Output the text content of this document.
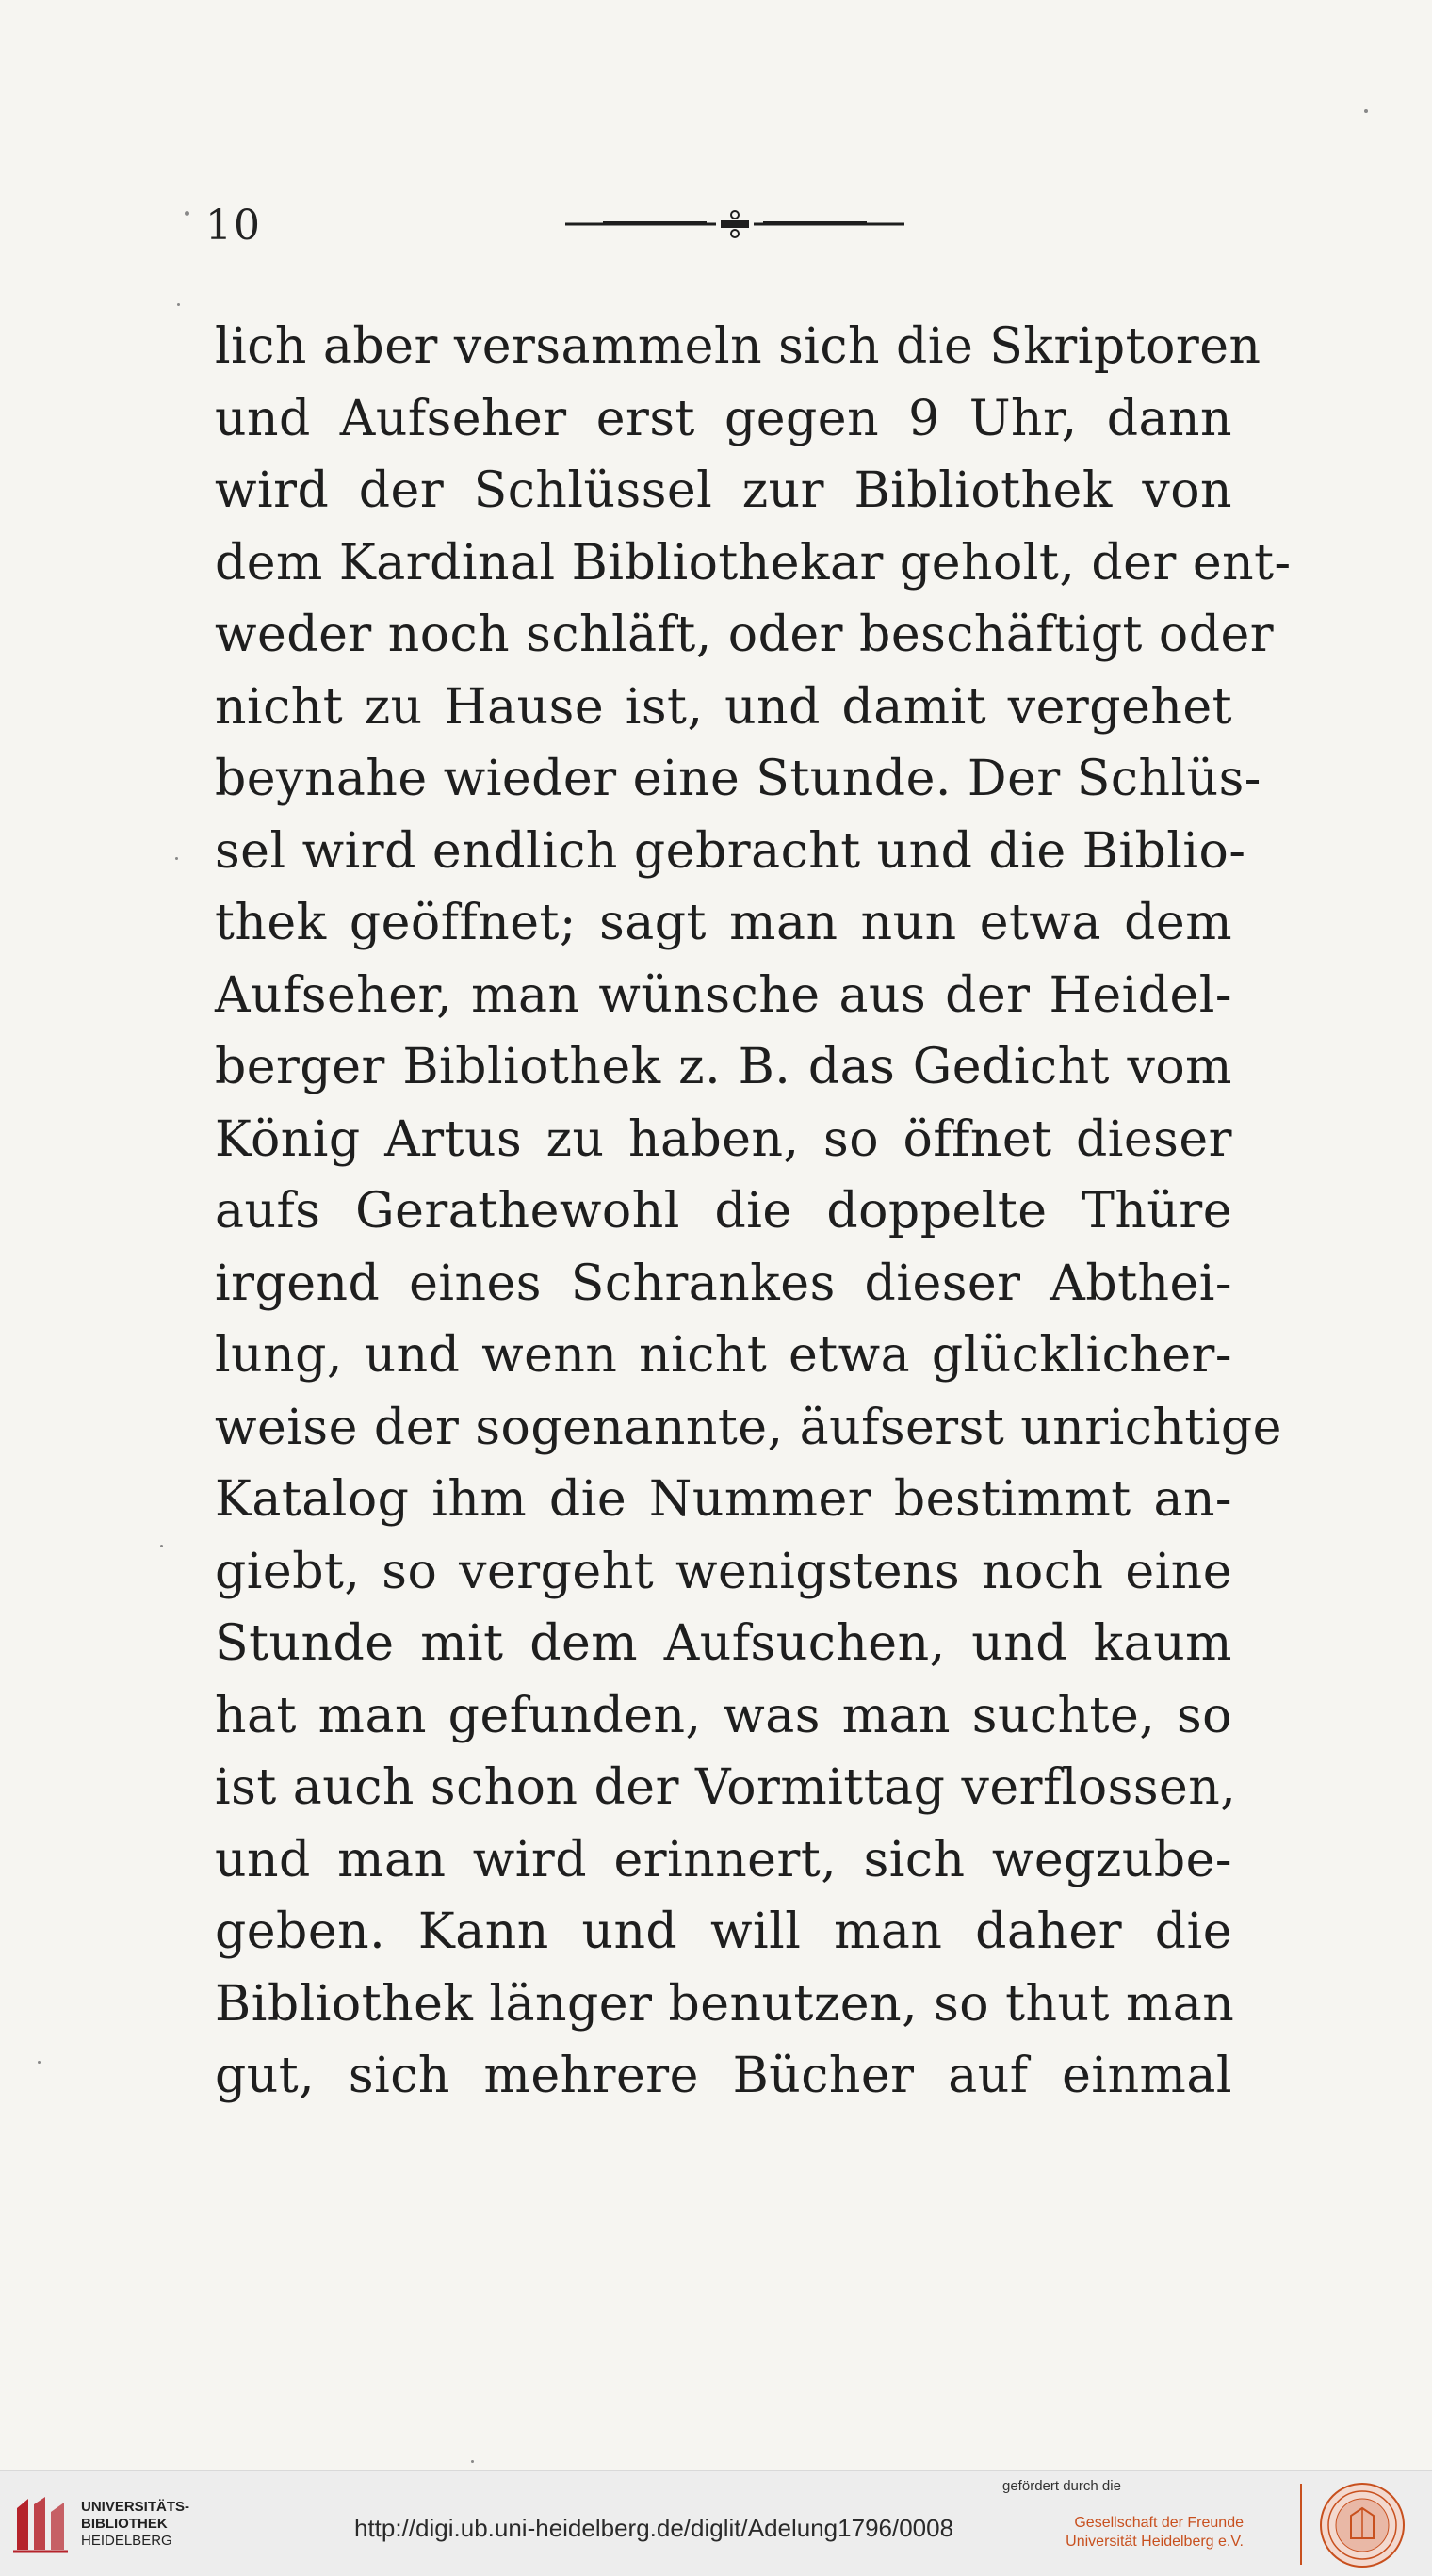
10
lich aber versammeln sich die Skriptoren
und Aufseher erst gegen 9 Uhr, dann
wird der Schlüssel zur Bibliothek von
dem Kardinal Bibliothekar geholt, der ent-
weder noch schläft, oder beschäftigt oder
nicht zu Hause ist, und damit vergehet
beynahe wieder eine Stunde. Der Schlüs-
sel wird endlich gebracht und die Biblio-
thek geöffnet; sagt man nun etwa dem
Aufseher, man wünsche aus der Heidel-
berger Bibliothek z. B. das Gedicht vom
König Artus zu haben, so öffnet dieser
aufs Gerathewohl die doppelte Thüre
irgend eines Schrankes dieser Abthei-
lung, und wenn nicht etwa glücklicher-
weise der sogenannte, äufserst unrichtige
Katalog ihm die Nummer bestimmt an-
giebt, so vergeht wenigstens noch eine
Stunde mit dem Aufsuchen, und kaum
hat man gefunden, was man suchte, so
ist auch schon der Vormittag verflossen,
und man wird erinnert, sich wegzube-
geben. Kann und will man daher die
Bibliothek länger benutzen, so thut man
gut, sich mehrere Bücher auf einmal
UNIVERSITÄTS-
BIBLIOTHEK
HEIDELBERG	http://digi.ub.uni-heidelberg.de/diglit/Adelung1796/0008
gefördert durch die
Gesellschaft der Freunde
Universität Heidelberg e.V.
